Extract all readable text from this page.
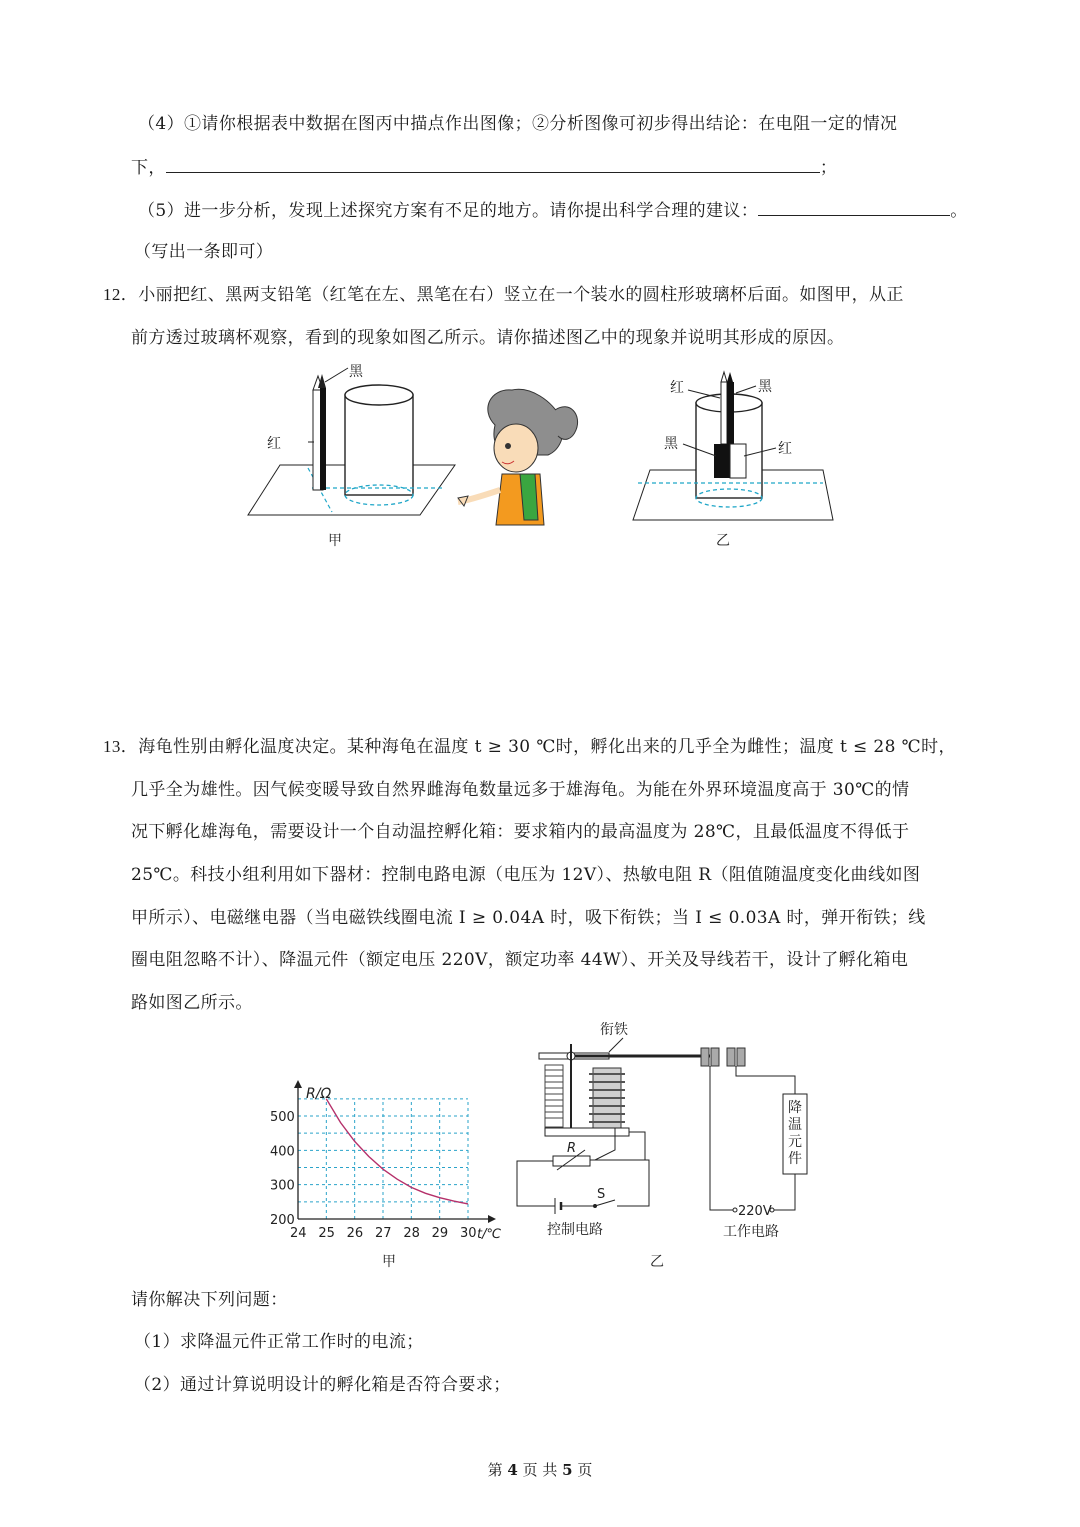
（4）①请你根据表中数据在图丙中描点作出图像；②分析图像可初步得出结论：在电阻一定的情况
下，	；
（5）进一步分析，发现上述探究方案有不足的地方。请你提出科学合理的建议：	。
（写出一条即可）
12．小丽把红、黑两支铅笔（红笔在左、黑笔在右）竖立在一个装水的圆柱形玻璃杯后面。如图甲，从正
前方透过玻璃杯观察，看到的现象如图乙所示。请你描述图乙中的现象并说明其形成的原因。
黑
红
甲
红	黑
黑	红
乙
13．海龟性别由孵化温度决定。某种海龟在温度 t ≥ 30 ℃时，孵化出来的几乎全为雌性；温度 t ≤ 28 ℃时，
几乎全为雄性。因气候变暖导致自然界雌海龟数量远多于雄海龟。为能在外界环境温度高于 30℃的情
况下孵化雄海龟，需要设计一个自动温控孵化箱：要求箱内的最高温度为 28℃，且最低温度不得低于
25℃。科技小组利用如下器材：控制电路电源（电压为 12V）、热敏电阻 R（阻值随温度变化曲线如图
甲所示）、电磁继电器（当电磁铁线圈电流 I ≥ 0.04A 时，吸下衔铁；当 I ≤ 0.03A 时，弹开衔铁；线
圈电阻忽略不计）、降温元件（额定电压 220V，额定功率 44W）、开关及导线若干，设计了孵化箱电
路如图乙所示。
R/Ω
t/℃
24 25 26 27 28 29 30
200
300
400
500
甲
衔铁
R
S
控制电路
降温元件
220V
工作电路
乙
请你解决下列问题：
（1）求降温元件正常工作时的电流；
（2）通过计算说明设计的孵化箱是否符合要求；
第 4 页 共 5 页
